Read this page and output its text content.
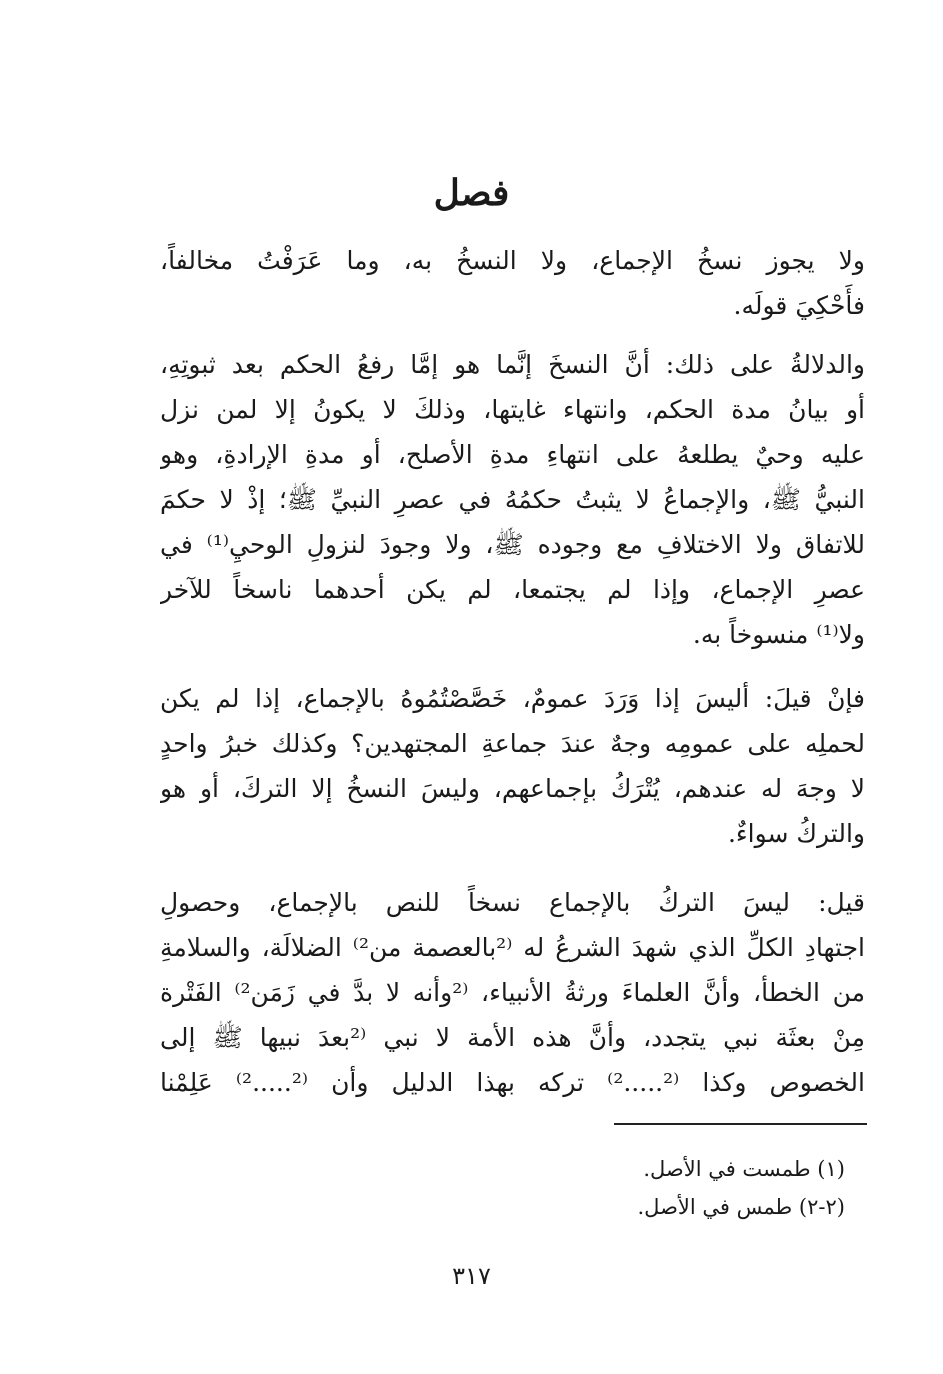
فصل
ولا يجوز نسخُ الإجماع، ولا النسخُ به، وما عَرَفْتُ مخالفاً،
فأَحْكِيَ قولَه.
والدلالةُ على ذلك: أنَّ النسخَ إنَّما هو إمَّا رفعُ الحكم بعد ثبوتِهِ،
أو بيانُ مدة الحكم، وانتهاء غايتها، وذلكَ لا يكونُ إلا لمن نزل
عليه وحيٌ يطلعهُ على انتهاءِ مدةِ الأصلح، أو مدةِ الإرادةِ، وهو
النبيُّ ﷺ، والإجماعُ لا يثبتُ حكمُهُ في عصرِ النبيِّ ﷺ؛ إذْ لا حكمَ
للاتفاق ولا الاختلافِ مع وجوده ﷺ، ولا وجودَ لنزولِ الوحيِ⁽¹⁾ في
عصرِ الإجماع، وإذا لم يجتمعا، لم يكن أحدهما ناسخاً للآخر
ولا⁽¹⁾ منسوخاً به.
فإنْ قيلَ: أليسَ إذا وَرَدَ عمومٌ، خَصَّصْتُمُوهُ بالإجماع، إذا لم يكن
لحملِه على عمومِه وجهٌ عندَ جماعةِ المجتهدين؟ وكذلك خبرُ واحدٍ
لا وجهَ له عندهم، يُتْرَكُ بإجماعهم، وليسَ النسخُ إلا التركَ، أو هو
والتركُ سواءٌ.
قيل: ليسَ التركُ بالإجماع نسخاً للنص بالإجماع، وحصولِ
اجتهادِ الكلِّ الذي شهدَ الشرعُ له ⁽²بالعصمة من²⁾ الضلالَة، والسلامةِ
من الخطأ، وأنَّ العلماءَ ورثةُ الأنبياء، ⁽²وأنه لا بدَّ في زَمَن²⁾ الفَتْرة
مِنْ بعثَة نبي يتجدد، وأنَّ هذه الأمة لا نبي ⁽²بعدَ نبيها ﷺ إلى
الخصوص وكذا ⁽².....²⁾ تركه بهذا الدليل وأن ⁽².....²⁾ عَلِمْنا
(١) طمست في الأصل.
(٢-٢) طمس في الأصل.
٣١٧
